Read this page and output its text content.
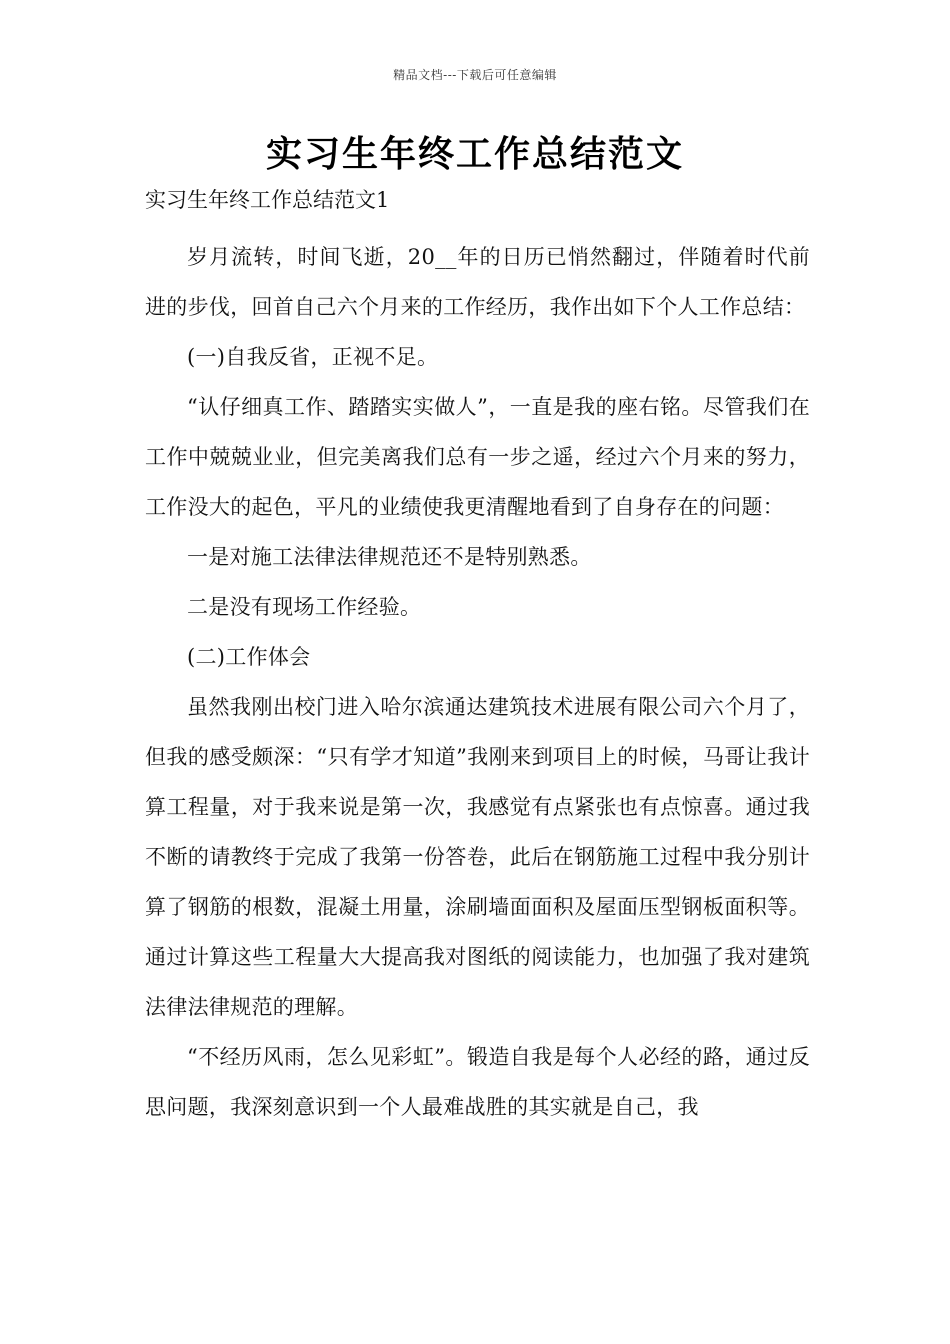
精品文档---下载后可任意编辑
实习生年终工作总结范文

实习生年终工作总结范文1

岁月流转，时间飞逝，20__年的日历已悄然翻过，伴随着时代前进的步伐，回首自己六个月来的工作经历，我作出如下个人工作总结：

(一)自我反省，正视不足。

“认仔细真工作、踏踏实实做人”，一直是我的座右铭。尽管我们在工作中兢兢业业，但完美离我们总有一步之遥，经过六个月来的努力，工作没大的起色，平凡的业绩使我更清醒地看到了自身存在的问题：

一是对施工法律法律规范还不是特别熟悉。

二是没有现场工作经验。

(二)工作体会

虽然我刚出校门进入哈尔滨通达建筑技术进展有限公司六个月了，但我的感受颇深：“只有学才知道”我刚来到项目上的时候，马哥让我计算工程量，对于我来说是第一次，我感觉有点紧张也有点惊喜。通过我不断的请教终于完成了我第一份答卷，此后在钢筋施工过程中我分别计算了钢筋的根数，混凝土用量，涂刷墙面面积及屋面压型钢板面积等。通过计算这些工程量大大提高我对图纸的阅读能力，也加强了我对建筑法律法律规范的理解。

“不经历风雨，怎么见彩虹”。锻造自我是每个人必经的路，通过反思问题，我深刻意识到一个人最难战胜的其实就是自己，我
